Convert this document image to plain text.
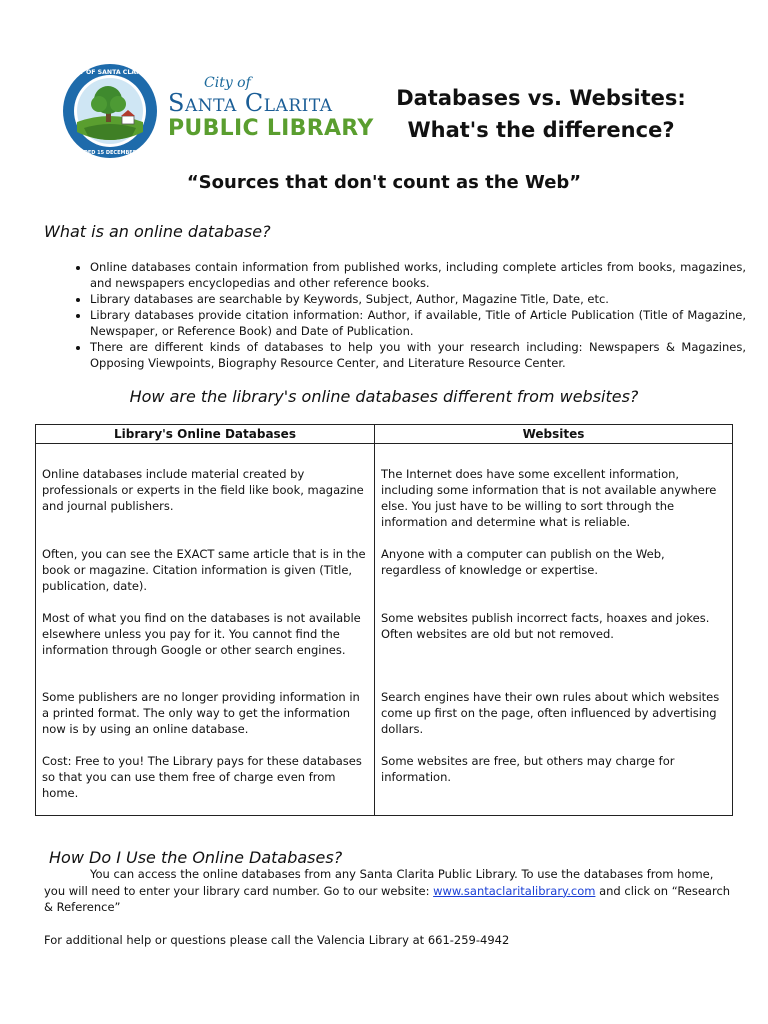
CITY OF SANTA CLARITA
FOUNDED 15 DECEMBER 1987
City of
Santa Clarita
PUBLIC LIBRARY
Databases vs. Websites:
What's the difference?
“Sources that don't count as the Web”
What is an online database?
• Online databases contain information from published works, including complete articles from books, magazines, and newspapers encyclopedias and other reference books.
• Library databases are searchable by Keywords, Subject, Author, Magazine Title, Date, etc.
• Library databases provide citation information: Author, if available, Title of Article Publication (Title of Magazine, Newspaper, or Reference Book) and Date of Publication.
• There are different kinds of databases to help you with your research including: Newspapers & Magazines, Opposing Viewpoints, Biography Resource Center, and Literature Resource Center.
How are the library's online databases different from websites?
Library's Online Databases	Websites

Online databases include material created by professionals or experts in the field like book, magazine and journal publishers.	The Internet does have some excellent information, including some information that is not available anywhere else. You just have to be willing to sort through the information and determine what is reliable.

Often, you can see the EXACT same article that is in the book or magazine. Citation information is given (Title, publication, date).	Anyone with a computer can publish on the Web, regardless of knowledge or expertise.

Most of what you find on the databases is not available elsewhere unless you pay for it. You cannot find the information through Google or other search engines.	Some websites publish incorrect facts, hoaxes and jokes. Often websites are old but not removed.

Some publishers are no longer providing information in a printed format. The only way to get the information now is by using an online database.	Search engines have their own rules about which websites come up first on the page, often influenced by advertising dollars.

Cost: Free to you! The Library pays for these databases so that you can use them free of charge even from home.	Some websites are free, but others may charge for information.

How Do I Use the Online Databases?
You can access the online databases from any Santa Clarita Public Library. To use the databases from home, you will need to enter your library card number. Go to our website: www.santaclaritalibrary.com and click on “Research & Reference”
For additional help or questions please call the Valencia Library at 661-259-4942
